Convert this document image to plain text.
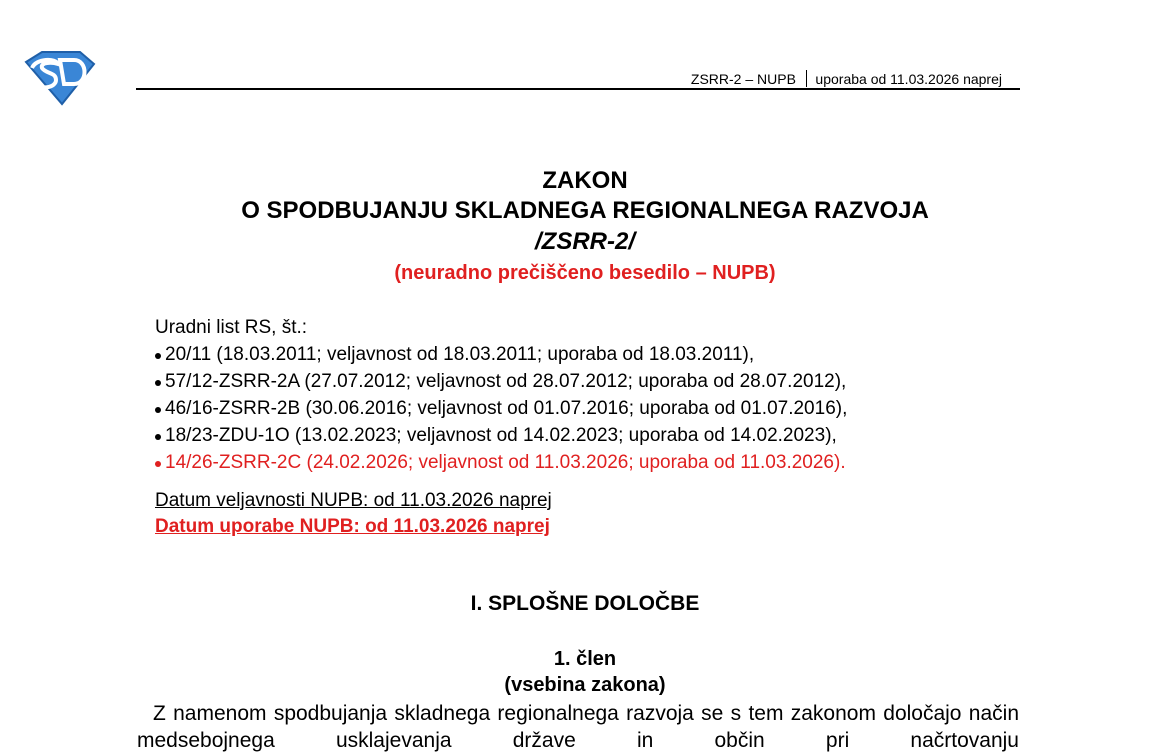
ZSRR-2 – NUPB uporaba od 11.03.2026 naprej
ZAKON
O SPODBUJANJU SKLADNEGA REGIONALNEGA RAZVOJA
/ZSRR-2/
(neuradno prečiščeno besedilo – NUPB)
Uradni list RS, št.:
20/11 (18.03.2011; veljavnost od 18.03.2011; uporaba od 18.03.2011),
57/12-ZSRR-2A (27.07.2012; veljavnost od 28.07.2012; uporaba od 28.07.2012),
46/16-ZSRR-2B (30.06.2016; veljavnost od 01.07.2016; uporaba od 01.07.2016),
18/23-ZDU-1O (13.02.2023; veljavnost od 14.02.2023; uporaba od 14.02.2023),
14/26-ZSRR-2C (24.02.2026; veljavnost od 11.03.2026; uporaba od 11.03.2026).
Datum veljavnosti NUPB: od 11.03.2026 naprej
Datum uporabe NUPB: od 11.03.2026 naprej
I. SPLOŠNE DOLOČBE
1. člen
(vsebina zakona)
Z namenom spodbujanja skladnega regionalnega razvoja se s tem zakonom določajo način medsebojnega usklajevanja države in občin pri načrtovanju
